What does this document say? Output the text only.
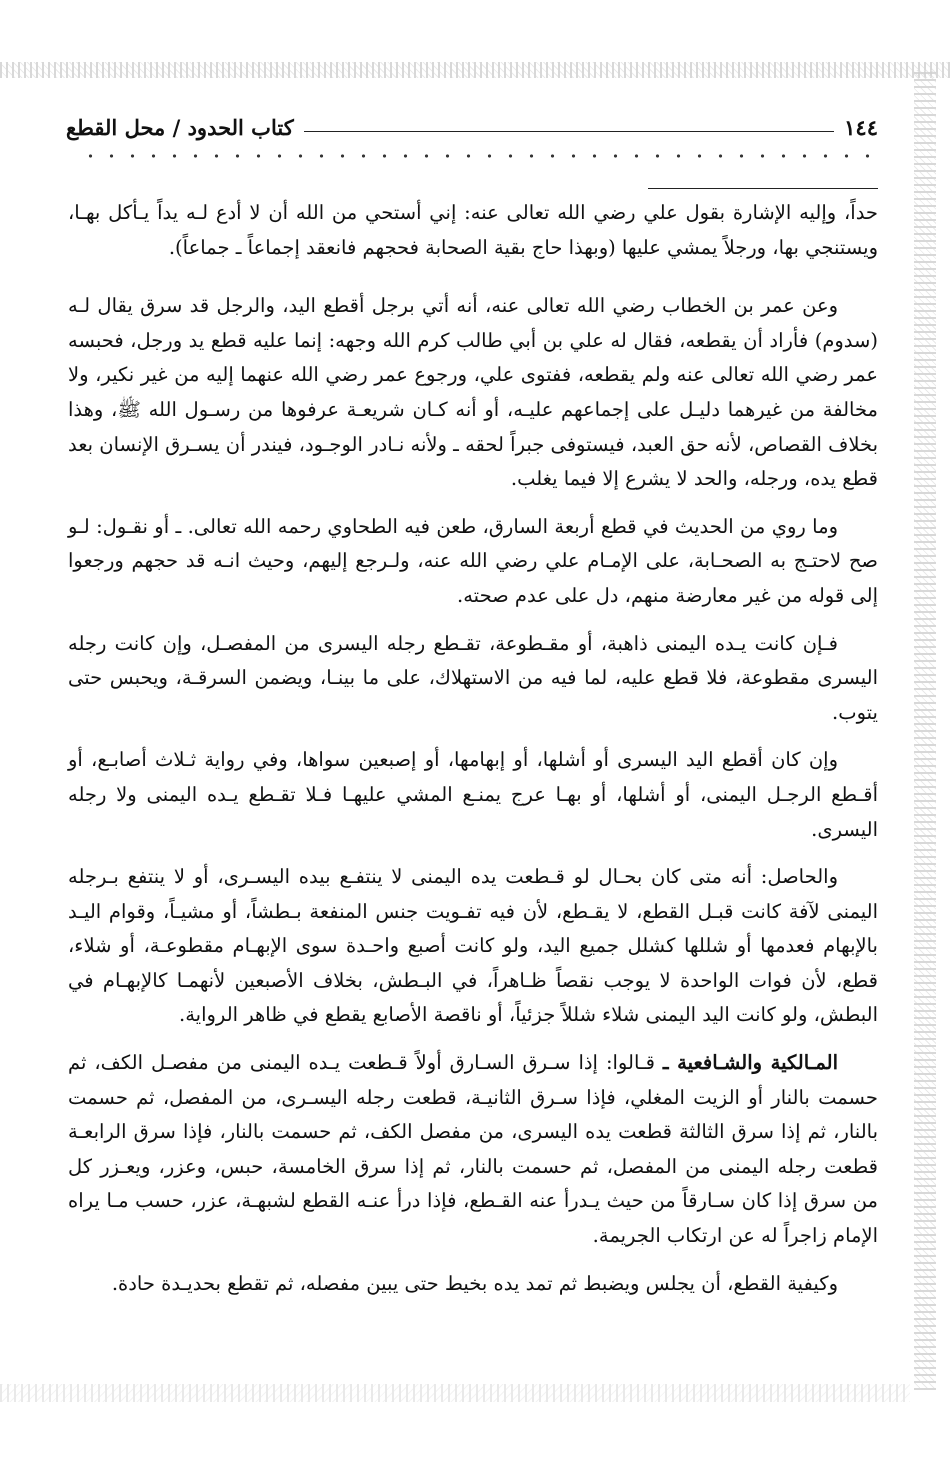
١٤٤
كتاب الحدود / محل القطع

حداً، وإليه الإشارة بقول علي رضي الله تعالى عنه: إني أستحي من الله أن لا أدع لـه يداً يـأكل بهـا، ويستنجي بها، ورجلاً يمشي عليها (وبهذا حاج بقية الصحابة فحجهم فانعقد إجماعاً ـ جماعاً).

وعن عمر بن الخطاب رضي الله تعالى عنه، أنه أتي برجل أقطع اليد، والرجل قد سرق يقال لـه (سدوم) فأراد أن يقطعه، فقال له علي بن أبي طالب كرم الله وجهه: إنما عليه قطع يد ورجل، فحبسه عمر رضي الله تعالى عنه ولم يقطعه، ففتوى علي، ورجوع عمر رضي الله عنهما إليه من غير نكير، ولا مخالفة من غيرهما دليـل على إجماعهم عليـه، أو أنه كـان شريعـة عرفوها من رسـول الله ﷺ، وهذا بخلاف القصاص، لأنه حق العبد، فيستوفى جبراً لحقه ـ ولأنه نـادر الوجـود، فيندر أن يسـرق الإنسان بعد قطع يده، ورجله، والحد لا يشرع إلا فيما يغلب.

وما روي من الحديث في قطع أربعة السارق، طعن فيه الطحاوي رحمه الله تعالى. ـ أو نقـول: لـو صح لاحتـج به الصحـابة، على الإمـام علي رضي الله عنه، ولـرجع إليهم، وحيث انـه قد حجهم ورجعوا إلى قوله من غير معارضة منهم، دل على عدم صحته.

فـإن كانت يـده اليمنى ذاهبة، أو مقـطوعة، تقـطع رجله اليسرى من المفصـل، وإن كانت رجله اليسرى مقطوعة، فلا قطع عليه، لما فيه من الاستهلاك، على ما بينـا، ويضمن السرقـة، ويحبس حتى يتوب.

وإن كان أقطع اليد اليسرى أو أشلها، أو إبهامها، أو إصبعين سواها، وفي رواية ثـلاث أصابـع، أو أقـطع الرجـل اليمنى، أو أشلها، أو بهـا عرج يمنـع المشي عليهـا فـلا تقـطع يـده اليمنى ولا رجله اليسرى.

والحاصل: أنه متى كان بحـال لو قـطعت يده اليمنى لا ينتفـع بيده اليسـرى، أو لا ينتفع بـرجله اليمنى لآفة كانت قبـل القطع، لا يقـطع، لأن فيه تفـويت جنس المنفعة بـطشاً، أو مشيـاً، وقوام اليـد بالإبهام فعدمها أو شللها كشلل جميع اليد، ولو كانت أصبع واحـدة سوى الإبهـام مقطوعـة، أو شلاء، قطع، لأن فوات الواحدة لا يوجب نقصاً ظـاهراً، في البـطش، بخلاف الأصبعين لأنهمـا كالإبهـام في البطش، ولو كانت اليد اليمنى شلاء شللاً جزئياً، أو ناقصة الأصابع يقطع في ظاهر الرواية.

المـالكية والشـافعية ـ قـالوا: إذا سـرق السـارق أولاً قـطعت يـده اليمنى من مفصـل الكف، ثم حسمت بالنار أو الزيت المغلي، فإذا سـرق الثانيـة، قطعت رجله اليسـرى، من المفصل، ثم حسمت بالنار، ثم إذا سرق الثالثة قطعت يده اليسرى، من مفصل الكف، ثم حسمت بالنار، فإذا سرق الرابعـة قطعت رجله اليمنى من المفصل، ثم حسمت بالنار، ثم إذا سرق الخامسة، حبس، وعزر، ويعـزر كل من سرق إذا كان سـارقاً من حيث يـدرأ عنه القـطع، فإذا درأ عنـه القطع لشبهـة، عزر، حسب مـا يراه الإمام زاجراً له عن ارتكاب الجريمة.

وكيفية القطع، أن يجلس ويضبط ثم تمد يده بخيط حتى يبين مفصله، ثم تقطع بحديـدة حادة.
